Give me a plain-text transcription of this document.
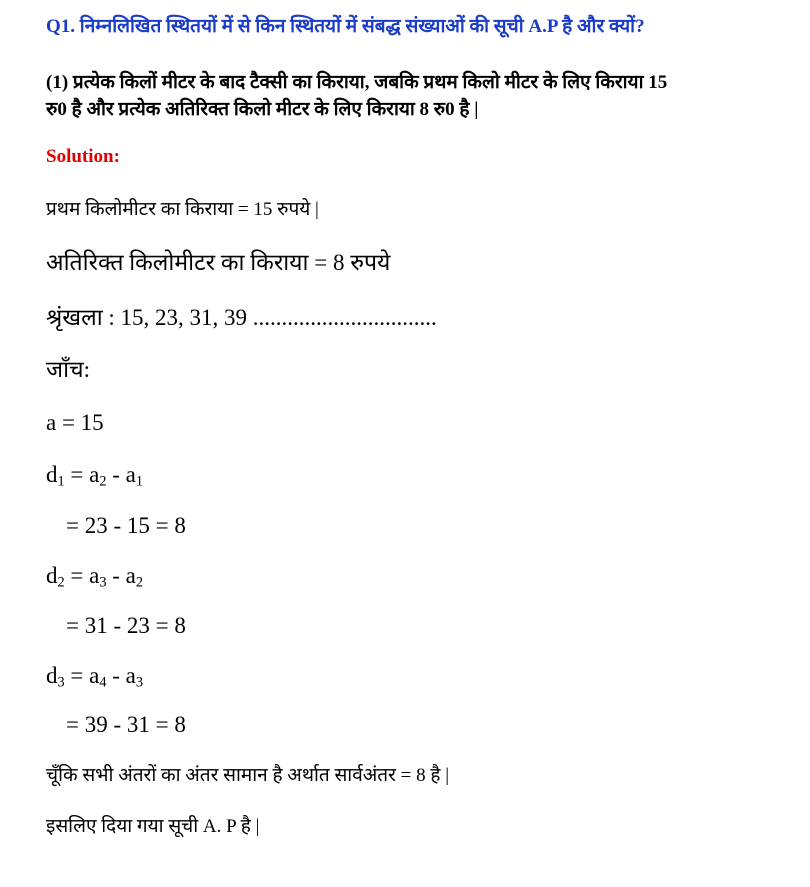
Q1. निम्नलिखित स्थितयों में से किन स्थितयों में संबद्ध संख्याओं की सूची A.P है और क्यों?
(1) प्रत्येक किलों मीटर के बाद टैक्सी का किराया, जबकि प्रथम किलो मीटर के लिए किराया 15
रु0 है और प्रत्येक अतिरिक्त किलो मीटर के लिए किराया 8 रु0 है |
Solution:
प्रथम किलोमीटर का किराया = 15 रुपये |
अतिरिक्त किलोमीटर का किराया = 8 रुपये
श्रृंखला : 15, 23, 31, 39 ................................
जाँच:
a = 15
$d_1 = a_2 - a_1$
= 23 - 15 = 8
$d_2 = a_3 - a_2$
= 31 - 23 = 8
$d_3 = a_4 - a_3$
= 39 - 31 = 8
चूँकि सभी अंतरों का अंतर सामान है अर्थात सार्वअंतर = 8 है |
इसलिए दिया गया सूची A. P है |
